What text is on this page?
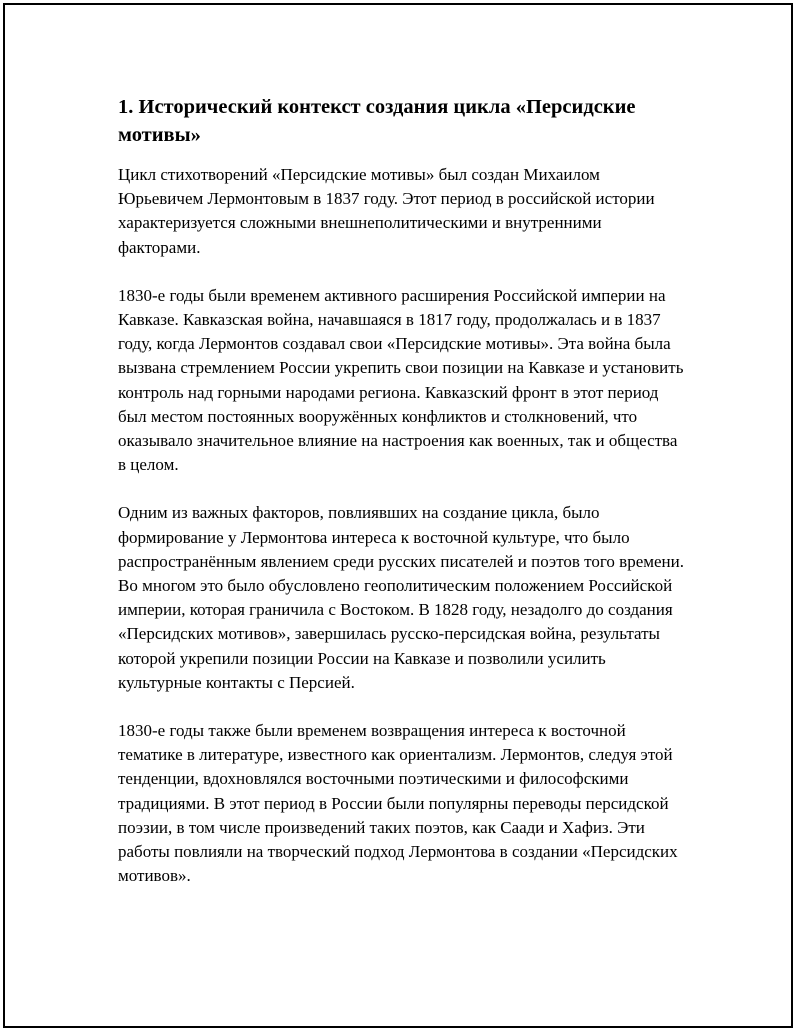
1. Исторический контекст создания цикла «Персидские мотивы»

Цикл стихотворений «Персидские мотивы» был создан Михаилом Юрьевичем Лермонтовым в 1837 году. Этот период в российской истории характеризуется сложными внешнеполитическими и внутренними факторами.

1830-е годы были временем активного расширения Российской империи на Кавказе. Кавказская война, начавшаяся в 1817 году, продолжалась и в 1837 году, когда Лермонтов создавал свои «Персидские мотивы». Эта война была вызвана стремлением России укрепить свои позиции на Кавказе и установить контроль над горными народами региона. Кавказский фронт в этот период был местом постоянных вооружённых конфликтов и столкновений, что оказывало значительное влияние на настроения как военных, так и общества в целом.

Одним из важных факторов, повлиявших на создание цикла, было формирование у Лермонтова интереса к восточной культуре, что было распространённым явлением среди русских писателей и поэтов того времени. Во многом это было обусловлено геополитическим положением Российской империи, которая граничила с Востоком. В 1828 году, незадолго до создания «Персидских мотивов», завершилась русско-персидская война, результаты которой укрепили позиции России на Кавказе и позволили усилить культурные контакты с Персией.

1830-е годы также были временем возвращения интереса к восточной тематике в литературе, известного как ориентализм. Лермонтов, следуя этой тенденции, вдохновлялся восточными поэтическими и философскими традициями. В этот период в России были популярны переводы персидской поэзии, в том числе произведений таких поэтов, как Саади и Хафиз. Эти работы повлияли на творческий подход Лермонтова в создании «Персидских мотивов».
